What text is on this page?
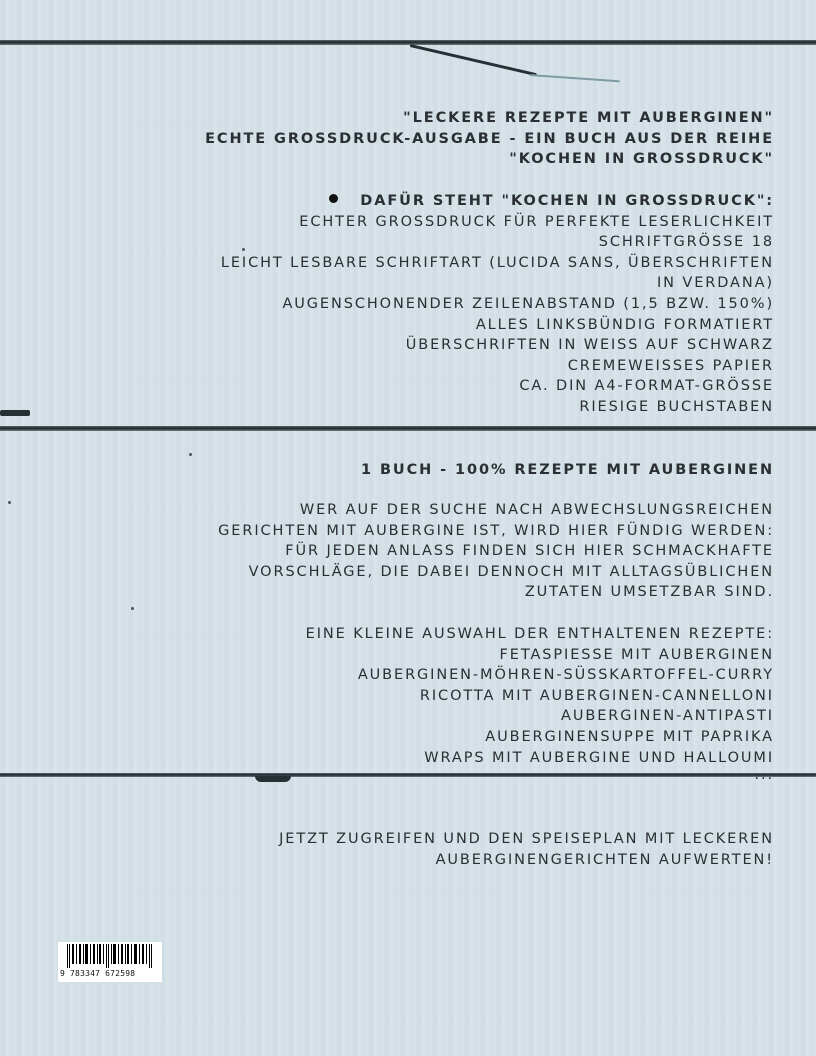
"LECKERE REZEPTE MIT AUBERGINEN"
ECHTE GROSSDRUCK-AUSGABE - EIN BUCH AUS DER REIHE
"KOCHEN IN GROSSDRUCK"
DAFÜR STEHT "KOCHEN IN GROSSDRUCK":
ECHTER GROSSDRUCK FÜR PERFEKTE LESERLICHKEIT
SCHRIFTGRÖSSE 18
LEICHT LESBARE SCHRIFTART (LUCIDA SANS, ÜBERSCHRIFTEN
IN VERDANA)
AUGENSCHONENDER ZEILENABSTAND (1,5 BZW. 150%)
ALLES LINKSBÜNDIG FORMATIERT
ÜBERSCHRIFTEN IN WEISS AUF SCHWARZ
CREMEWEISSES PAPIER
CA. DIN A4-FORMAT-GRÖSSE
RIESIGE BUCHSTABEN
1 BUCH - 100% REZEPTE MIT AUBERGINEN
WER AUF DER SUCHE NACH ABWECHSLUNGSREICHEN
GERICHTEN MIT AUBERGINE IST, WIRD HIER FÜNDIG WERDEN:
FÜR JEDEN ANLASS FINDEN SICH HIER SCHMACKHAFTE
VORSCHLÄGE, DIE DABEI DENNOCH MIT ALLTAGSÜBLICHEN
ZUTATEN UMSETZBAR SIND.
EINE KLEINE AUSWAHL DER ENTHALTENEN REZEPTE:
FETASPIESSE MIT AUBERGINEN
AUBERGINEN-MÖHREN-SÜSSKARTOFFEL-CURRY
RICOTTA MIT AUBERGINEN-CANNELLONI
AUBERGINEN-ANTIPASTI
AUBERGINENSUPPE MIT PAPRIKA
WRAPS MIT AUBERGINE UND HALLOUMI
...
JETZT ZUGREIFEN UND DEN SPEISEPLAN MIT LECKEREN
AUBERGINENGERICHTEN AUFWERTEN!
9 783347 672598
